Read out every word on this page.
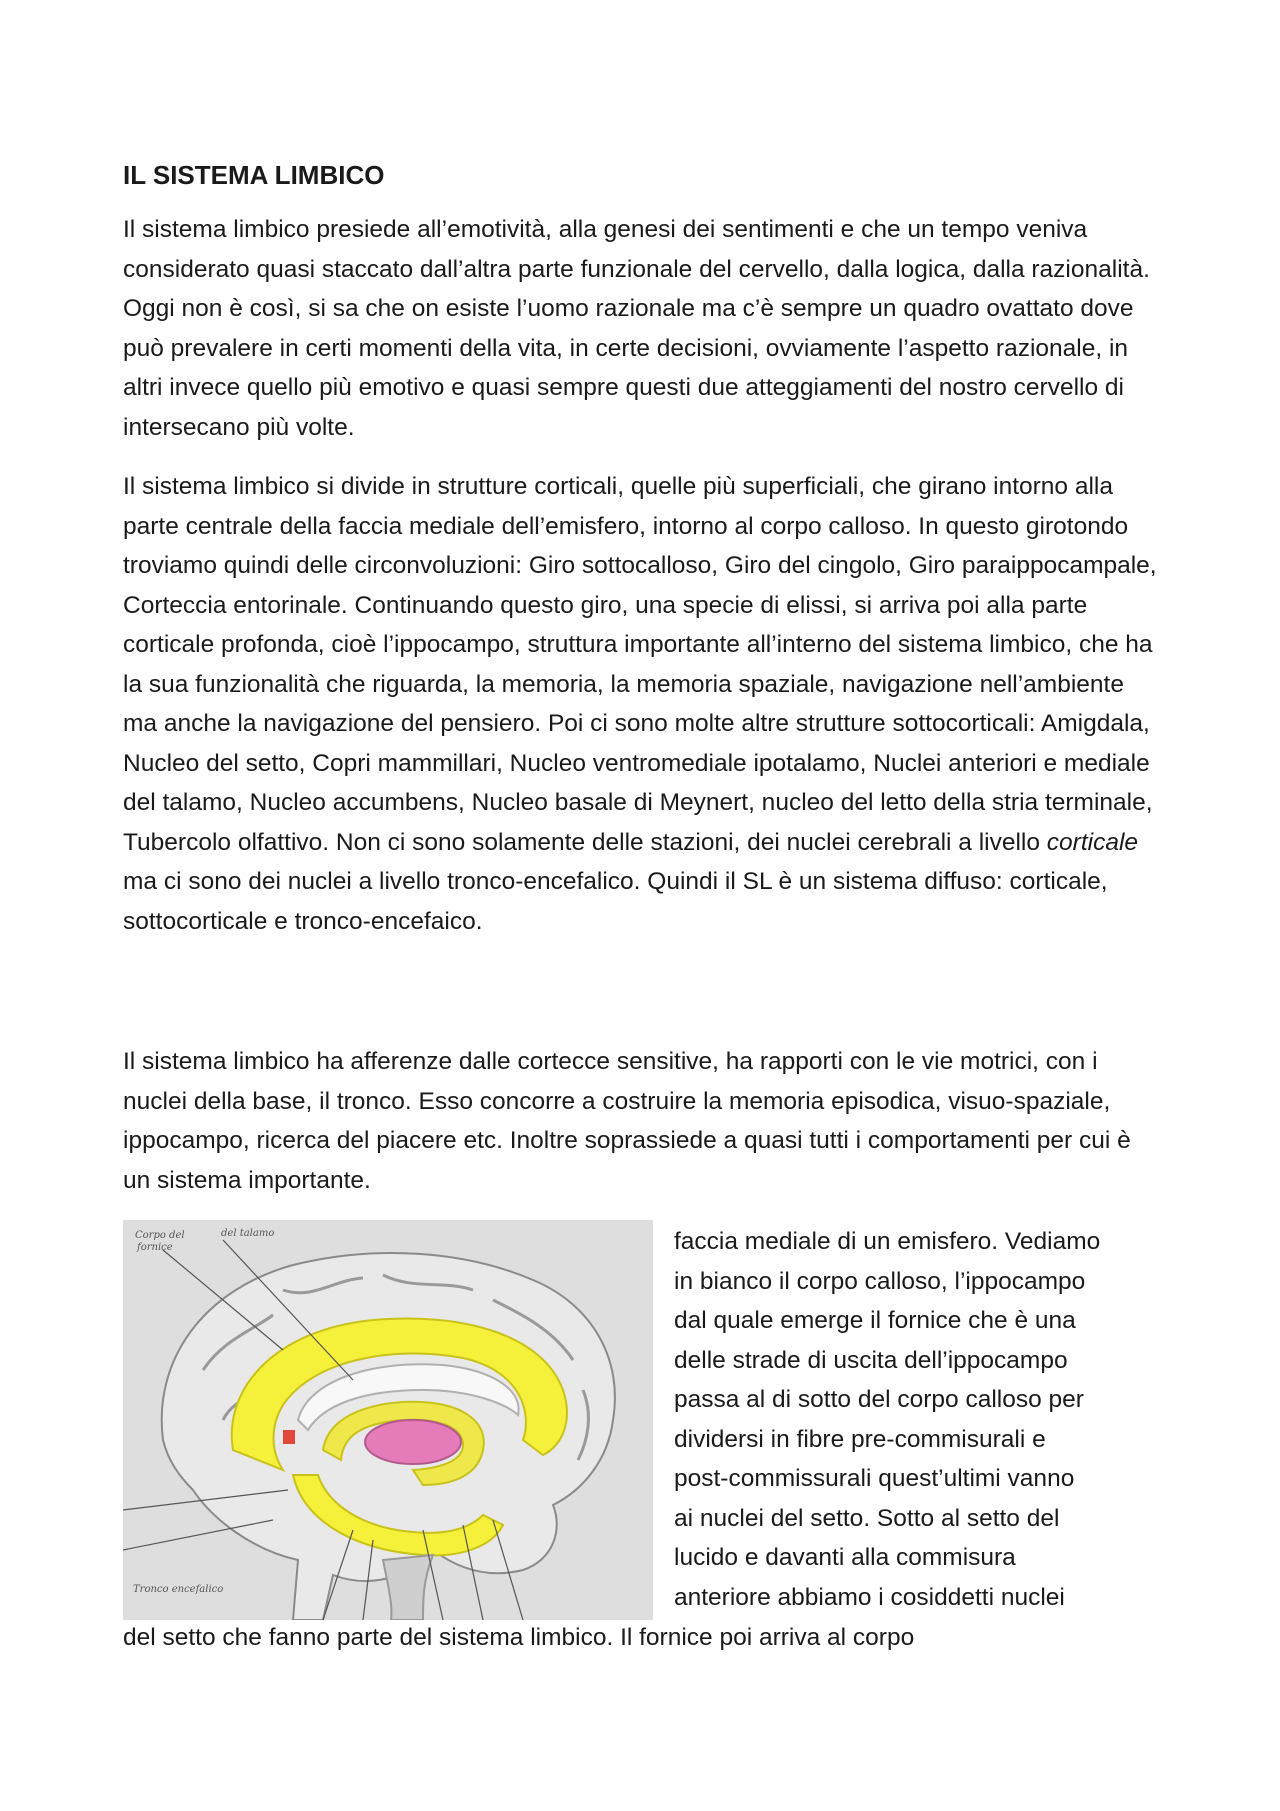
IL SISTEMA LIMBICO

Il sistema limbico presiede all’emotività, alla genesi dei sentimenti e che un tempo veniva considerato quasi staccato dall’altra parte funzionale del cervello, dalla logica, dalla razionalità. Oggi non è così, si sa che on esiste l’uomo razionale ma c’è sempre un quadro ovattato dove può prevalere in certi momenti della vita, in certe decisioni, ovviamente l’aspetto razionale, in altri invece quello più emotivo e quasi sempre questi due atteggiamenti del nostro cervello di intersecano più volte.

Il sistema limbico si divide in strutture corticali, quelle più superficiali, che girano intorno alla parte centrale della faccia mediale dell’emisfero, intorno al corpo calloso. In questo girotondo troviamo quindi delle circonvoluzioni: Giro sottocalloso, Giro del cingolo, Giro paraippocampale, Corteccia entorinale. Continuando questo giro, una specie di elissi, si arriva poi alla parte corticale profonda, cioè l’ippocampo, struttura importante all’interno del sistema limbico, che ha la sua funzionalità che riguarda, la memoria, la memoria spaziale, navigazione nell’ambiente ma anche la navigazione del pensiero. Poi ci sono molte altre strutture sottocorticali: Amigdala, Nucleo del setto, Copri mammillari, Nucleo ventromediale ipotalamo, Nuclei anteriori e mediale del talamo, Nucleo accumbens, Nucleo basale di Meynert, nucleo del letto della stria terminale, Tubercolo olfattivo. Non ci sono solamente delle stazioni, dei nuclei cerebrali a livello corticale ma ci sono dei nuclei a livello tronco-encefalico. Quindi il SL è un sistema diffuso: corticale, sottocorticale e tronco-encefaico.

Il sistema limbico ha afferenze dalle cortecce sensitive, ha rapporti con le vie motrici, con i nuclei della base, il tronco. Esso concorre a costruire la memoria episodica, visuo-spaziale, ippocampo, ricerca del piacere etc. Inoltre soprassiede a quasi tutti i comportamenti per cui è un sistema importante.

Corpo del
fornice
del talamo
Tronco encefalico

faccia mediale di un emisfero. Vediamo
in bianco il corpo calloso, l’ippocampo
dal quale emerge il fornice che è una
delle strade di uscita dell’ippocampo
passa al di sotto del corpo calloso per
dividersi in fibre pre-commisurali e
post-commissurali quest’ultimi vanno
ai nuclei del setto. Sotto al setto del
lucido e davanti alla commisura
anteriore abbiamo i cosiddetti nuclei

del setto che fanno parte del sistema limbico. Il fornice poi arriva al corpo
